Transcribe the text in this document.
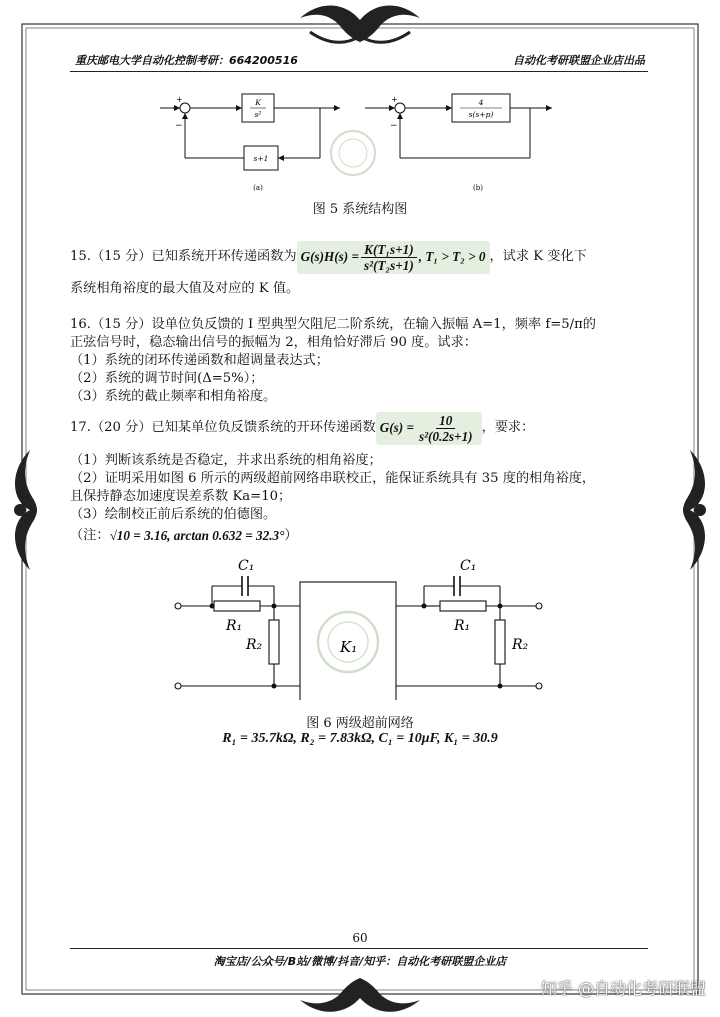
重庆邮电大学自动化控制考研：664200516	自动化考研联盟企业店出品
+
−
K
s²
s+1
(a)
+
−
4
s(s+p)
(b)
图 5 系统结构图
15.（15 分）已知系统开环传递函数为 $G(s)H(s) = \frac{\text{K(T₁s+1)}}{\text{s²(T₂s+1)}}$ , T₁ > T₂ > 0 ，试求 K 变化下
系统相角裕度的最大值及对应的 K 值。
16.（15 分）设单位负反馈的 I 型典型欠阻尼二阶系统，在输入振幅 A=1，频率 f=5/π的
正弦信号时，稳态输出信号的振幅为 2，相角恰好滞后 90 度。试求：
（1）系统的闭环传递函数和超调量表达式；
（2）系统的调节时间(Δ=5%）；
（3）系统的截止频率和相角裕度。
17.（20 分）已知某单位负反馈系统的开环传递函数 $G(s) = \frac{10}{\text{s²(0.2s+1)}}$ ，要求：
（1）判断该系统是否稳定，并求出系统的相角裕度；
（2）证明采用如图 6 所示的两级超前网络串联校正，能保证系统具有 35 度的相角裕度，
且保持静态加速度误差系数 Ka=10；
（3）绘制校正前后系统的伯德图。
（注： √10 = 3.16, arctan 0.632 = 32.3° ）
C₁
R₁
R₂	K₁
C₁
R₁
R₂
图 6 两级超前网络
R₁ = 35.7kΩ, R₂ = 7.83kΩ, C₁ = 10μF, K₁ = 30.9
60
淘宝店/公众号/B站/微博/抖音/知乎：自动化考研联盟企业店
知乎 @自动化考研联盟
